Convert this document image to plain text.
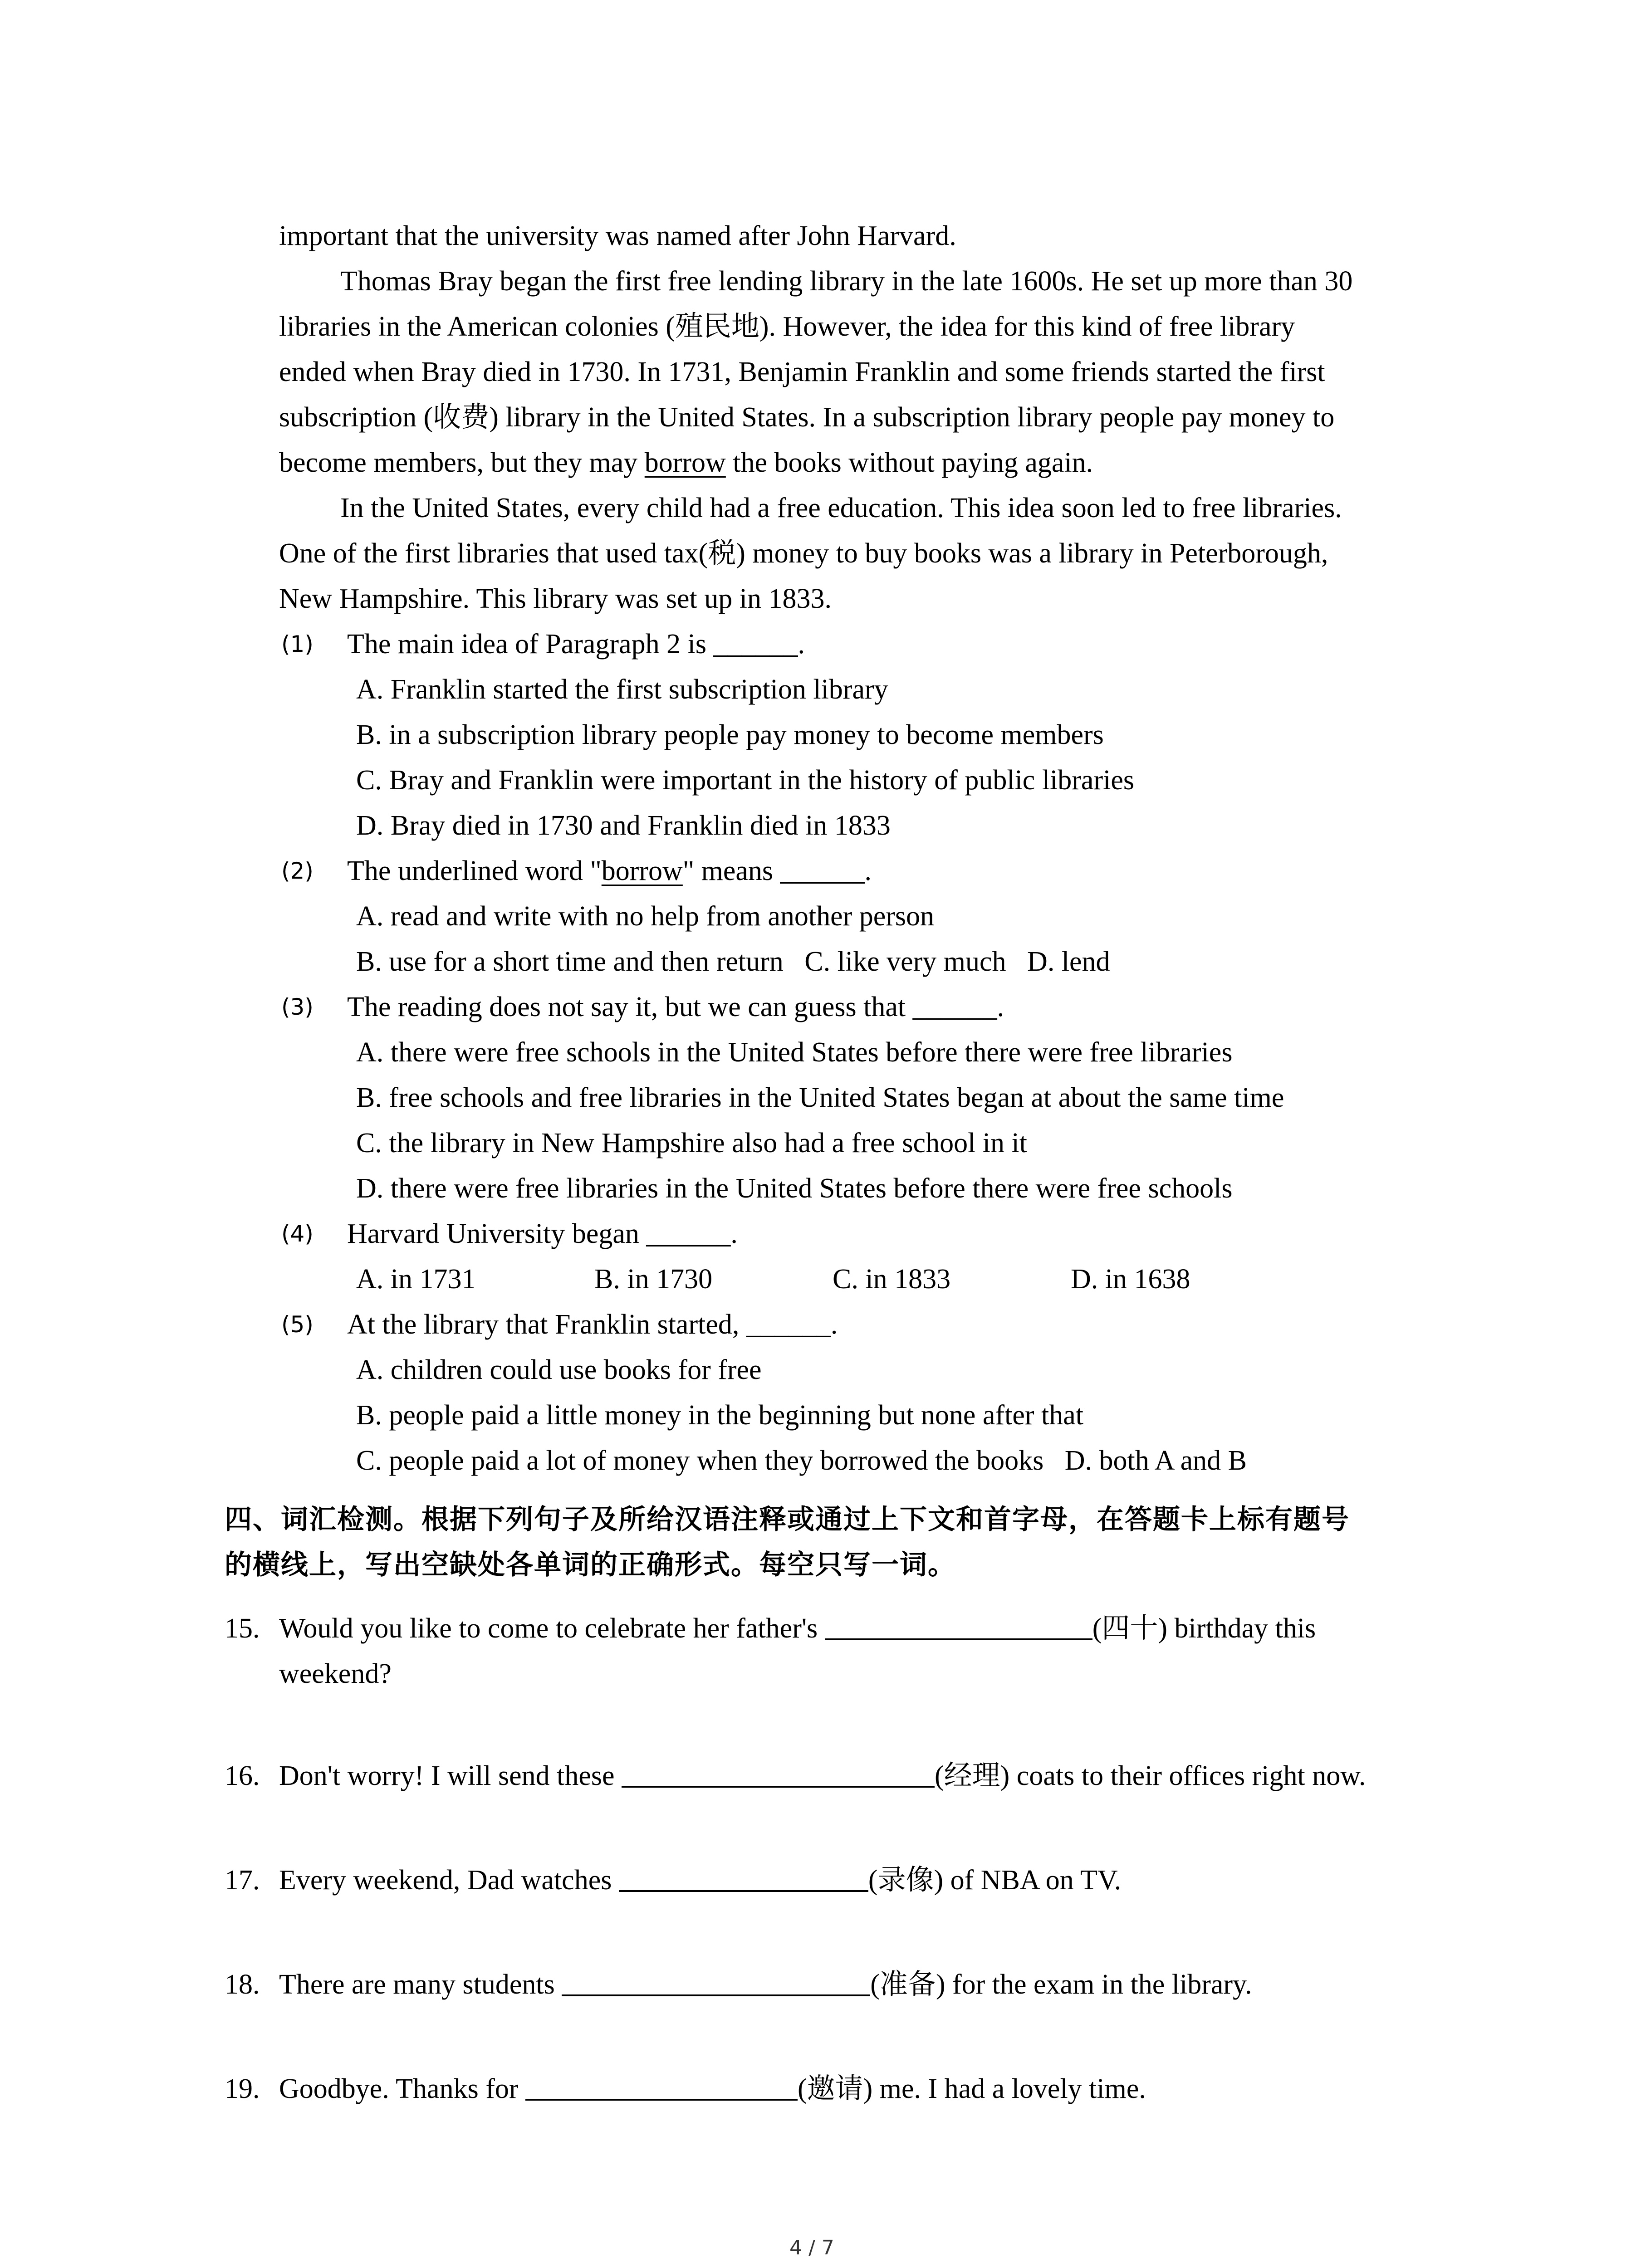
important that the university was named after John Harvard.
Thomas Bray began the first free lending library in the late 1600s. He set up more than 30
libraries in the American colonies (殖民地). However, the idea for this kind of free library
ended when Bray died in 1730. In 1731, Benjamin Franklin and some friends started the first
subscription (收费) library in the United States. In a subscription library people pay money to
become members, but they may borrow the books without paying again.
In the United States, every child had a free education. This idea soon led to free libraries.
One of the first libraries that used tax(税) money to buy books was a library in Peterborough,
New Hampshire. This library was set up in 1833.
(1) The main idea of Paragraph 2 is ______.
A. Franklin started the first subscription library
B. in a subscription library people pay money to become members
C. Bray and Franklin were important in the history of public libraries
D. Bray died in 1730 and Franklin died in 1833
(2) The underlined word "borrow" means ______.
A. read and write with no help from another person
B. use for a short time and then return   C. like very much   D. lend
(3) The reading does not say it, but we can guess that ______.
A. there were free schools in the United States before there were free libraries
B. free schools and free libraries in the United States began at about the same time
C. the library in New Hampshire also had a free school in it
D. there were free libraries in the United States before there were free schools
(4) Harvard University began ______.
A. in 1731	B. in 1730	C. in 1833	D. in 1638
(5) At the library that Franklin started, ______.
A. children could use books for free
B. people paid a little money in the beginning but none after that
C. people paid a lot of money when they borrowed the books   D. both A and B
四、词汇检测。根据下列句子及所给汉语注释或通过上下文和首字母，在答题卡上标有题号
的横线上，写出空缺处各单词的正确形式。每空只写一词。
15. Would you like to come to celebrate her father's	(四十) birthday this
weekend?
16. Don't worry! I will send these	(经理) coats to their offices right now.
17. Every weekend, Dad watches	(录像) of NBA on TV.
18. There are many students	(准备) for the exam in the library.
19. Goodbye. Thanks for	(邀请) me. I had a lovely time.
4 / 7
